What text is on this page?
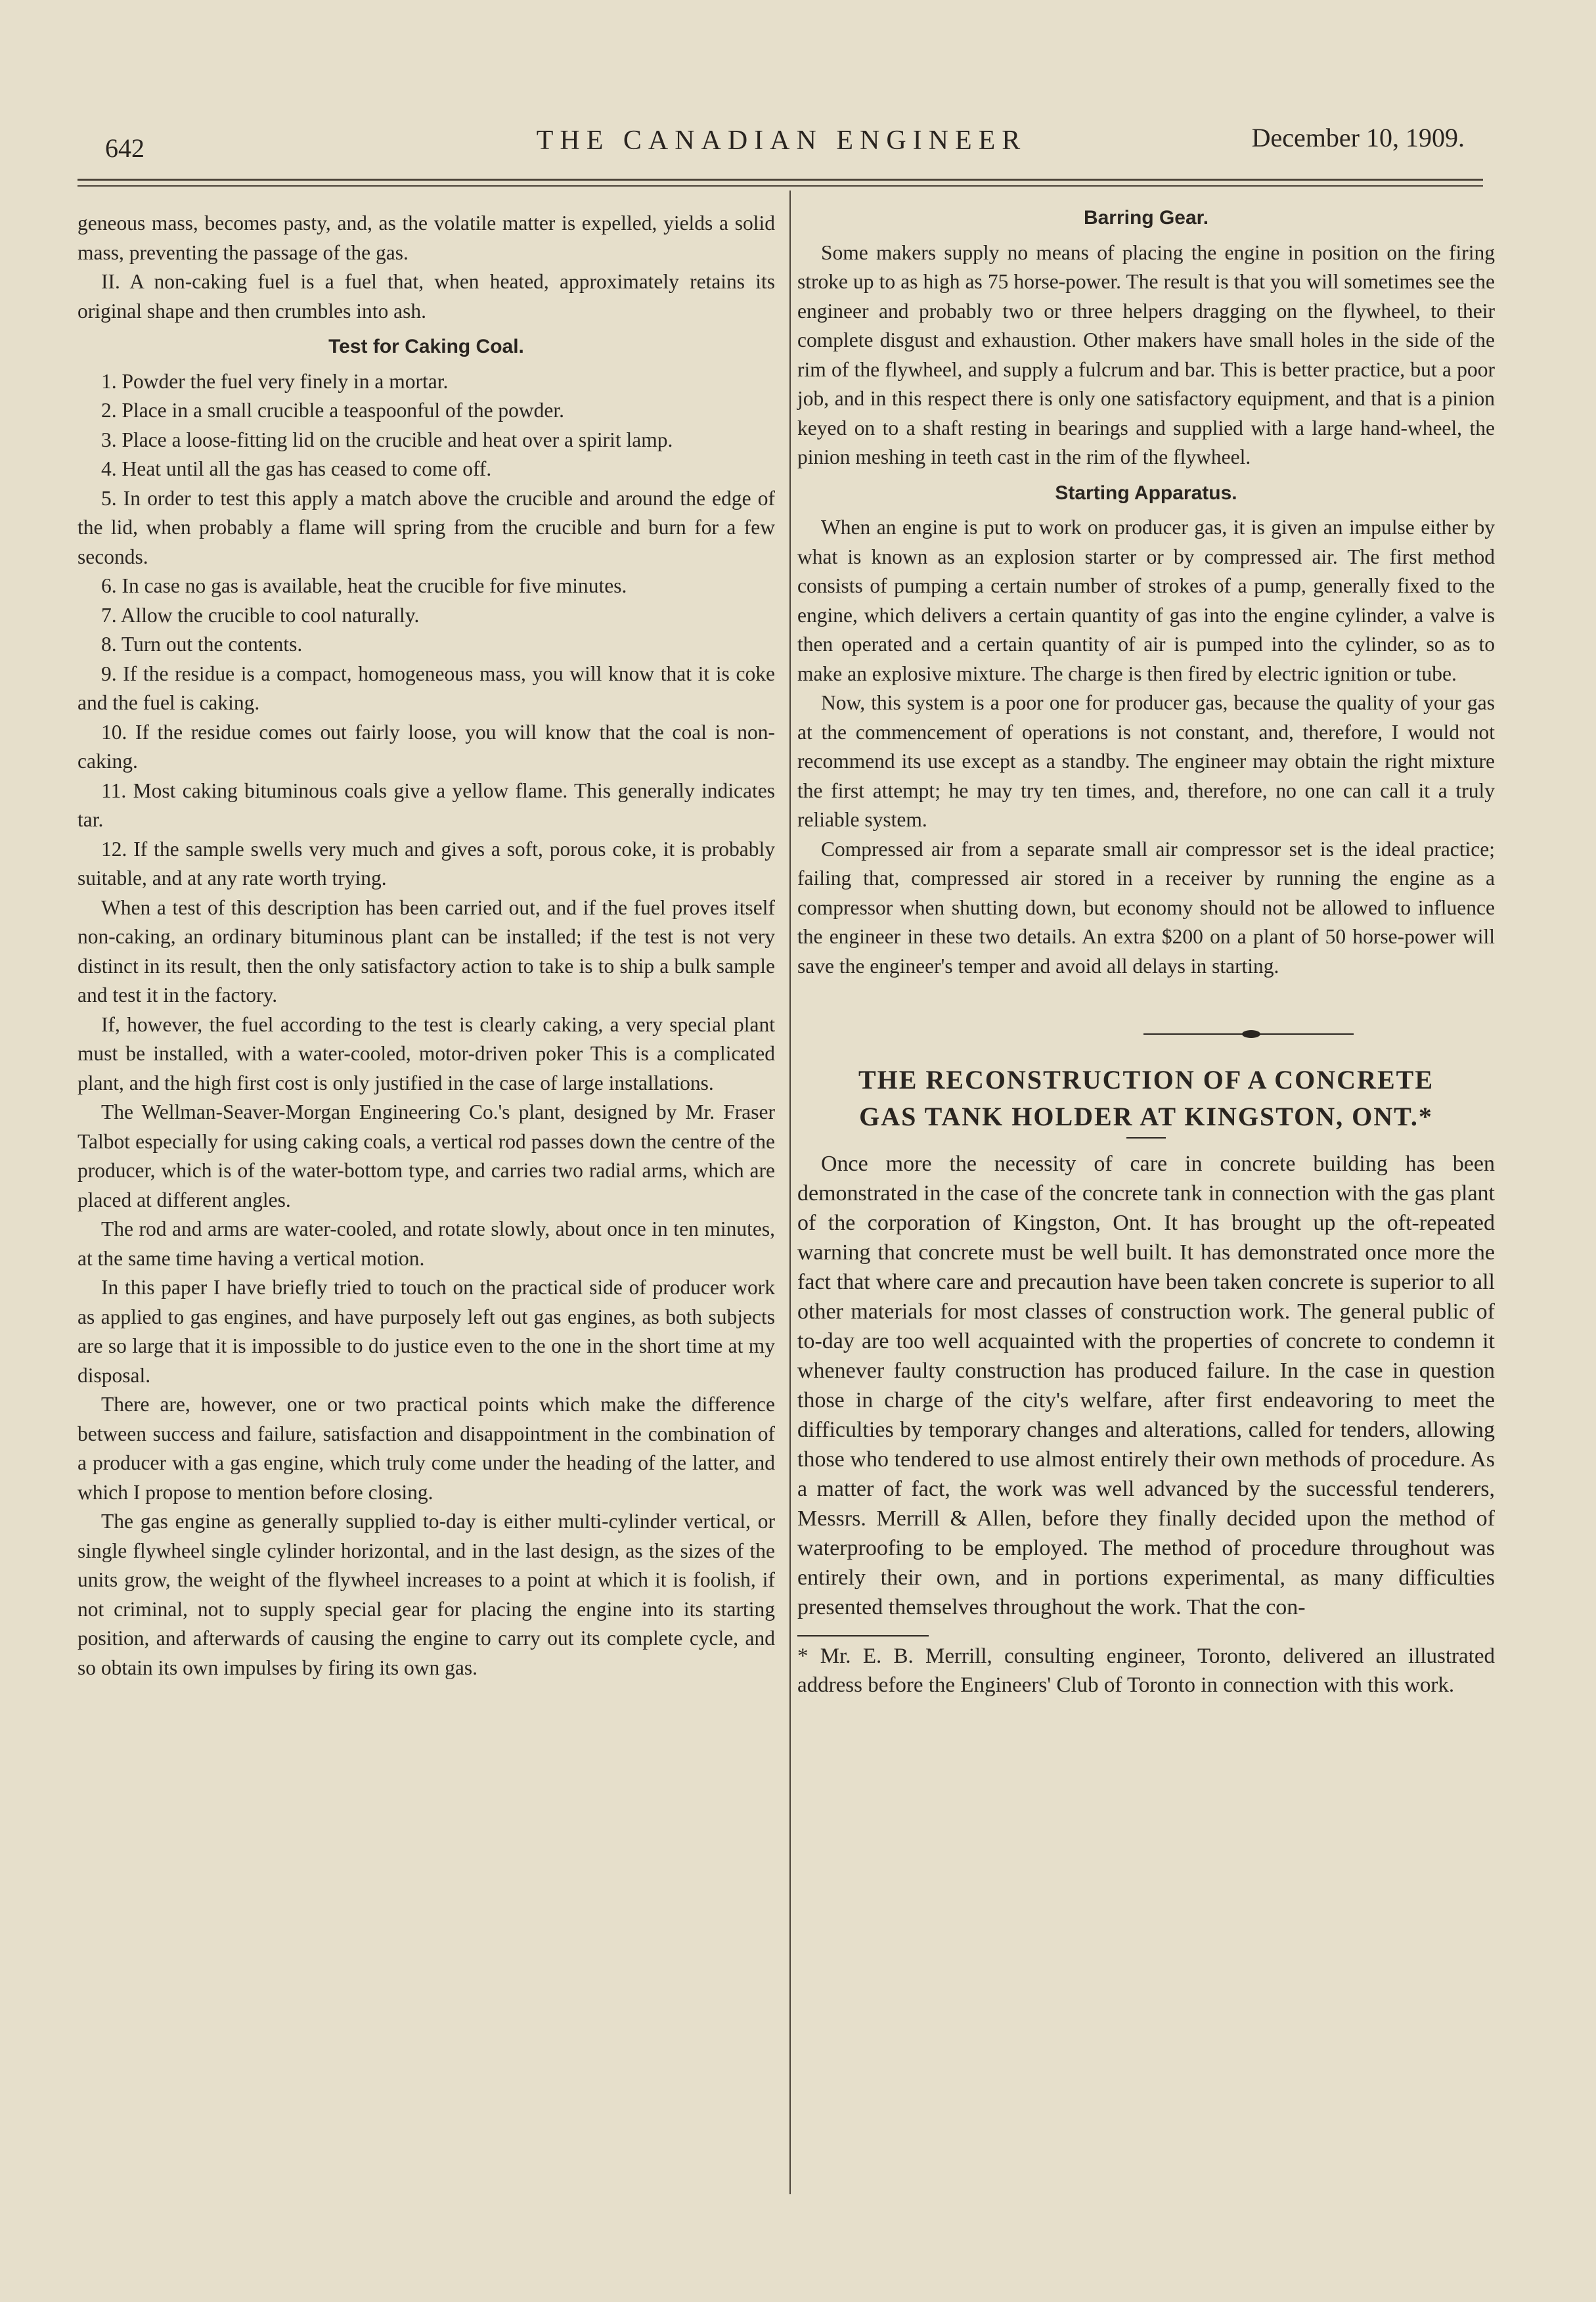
642	THE CANADIAN ENGINEER	December 10, 1909.

geneous mass, becomes pasty, and, as the volatile matter is expelled, yields a solid mass, preventing the passage of the gas.

II. A non-caking fuel is a fuel that, when heated, approximately retains its original shape and then crumbles into ash.

Test for Caking Coal.

1. Powder the fuel very finely in a mortar.

2. Place in a small crucible a teaspoonful of the powder.

3. Place a loose-fitting lid on the crucible and heat over a spirit lamp.

4. Heat until all the gas has ceased to come off.

5. In order to test this apply a match above the crucible and around the edge of the lid, when probably a flame will spring from the crucible and burn for a few seconds.

6. In case no gas is available, heat the crucible for five minutes.

7. Allow the crucible to cool naturally.

8. Turn out the contents.

9. If the residue is a compact, homogeneous mass, you will know that it is coke and the fuel is caking.

10. If the residue comes out fairly loose, you will know that the coal is non-caking.

11. Most caking bituminous coals give a yellow flame. This generally indicates tar.

12. If the sample swells very much and gives a soft, porous coke, it is probably suitable, and at any rate worth trying.

When a test of this description has been carried out, and if the fuel proves itself non-caking, an ordinary bituminous plant can be installed; if the test is not very distinct in its result, then the only satisfactory action to take is to ship a bulk sample and test it in the factory.

If, however, the fuel according to the test is clearly caking, a very special plant must be installed, with a water-cooled, motor-driven poker This is a complicated plant, and the high first cost is only justified in the case of large installations.

The Wellman-Seaver-Morgan Engineering Co.'s plant, designed by Mr. Fraser Talbot especially for using caking coals, a vertical rod passes down the centre of the producer, which is of the water-bottom type, and carries two radial arms, which are placed at different angles.

The rod and arms are water-cooled, and rotate slowly, about once in ten minutes, at the same time having a vertical motion.

In this paper I have briefly tried to touch on the practical side of producer work as applied to gas engines, and have purposely left out gas engines, as both subjects are so large that it is impossible to do justice even to the one in the short time at my disposal.

There are, however, one or two practical points which make the difference between success and failure, satisfaction and disappointment in the combination of a producer with a gas engine, which truly come under the heading of the latter, and which I propose to mention before closing.

The gas engine as generally supplied to-day is either multi-cylinder vertical, or single flywheel single cylinder horizontal, and in the last design, as the sizes of the units grow, the weight of the flywheel increases to a point at which it is foolish, if not criminal, not to supply special gear for placing the engine into its starting position, and afterwards of causing the engine to carry out its complete cycle, and so obtain its own impulses by firing its own gas.

Barring Gear.

Some makers supply no means of placing the engine in position on the firing stroke up to as high as 75 horse-power. The result is that you will sometimes see the engineer and probably two or three helpers dragging on the flywheel, to their complete disgust and exhaustion. Other makers have small holes in the side of the rim of the flywheel, and supply a fulcrum and bar. This is better practice, but a poor job, and in this respect there is only one satisfactory equipment, and that is a pinion keyed on to a shaft resting in bearings and supplied with a large hand-wheel, the pinion meshing in teeth cast in the rim of the flywheel.

Starting Apparatus.

When an engine is put to work on producer gas, it is given an impulse either by what is known as an explosion starter or by compressed air. The first method consists of pumping a certain number of strokes of a pump, generally fixed to the engine, which delivers a certain quantity of gas into the engine cylinder, a valve is then operated and a certain quantity of air is pumped into the cylinder, so as to make an explosive mixture. The charge is then fired by electric ignition or tube.

Now, this system is a poor one for producer gas, because the quality of your gas at the commencement of operations is not constant, and, therefore, I would not recommend its use except as a standby. The engineer may obtain the right mixture the first attempt; he may try ten times, and, therefore, no one can call it a truly reliable system.

Compressed air from a separate small air compressor set is the ideal practice; failing that, compressed air stored in a receiver by running the engine as a compressor when shutting down, but economy should not be allowed to influence the engineer in these two details. An extra $200 on a plant of 50 horse-power will save the engineer's temper and avoid all delays in starting.

THE RECONSTRUCTION OF A CONCRETE
GAS TANK HOLDER AT KINGSTON, ONT.*

Once more the necessity of care in concrete building has been demonstrated in the case of the concrete tank in connection with the gas plant of the corporation of Kingston, Ont. It has brought up the oft-repeated warning that concrete must be well built. It has demonstrated once more the fact that where care and precaution have been taken concrete is superior to all other materials for most classes of construction work. The general public of to-day are too well acquainted with the properties of concrete to condemn it whenever faulty construction has produced failure. In the case in question those in charge of the city's welfare, after first endeavoring to meet the difficulties by temporary changes and alterations, called for tenders, allowing those who tendered to use almost entirely their own methods of procedure. As a matter of fact, the work was well advanced by the successful tenderers, Messrs. Merrill & Allen, before they finally decided upon the method of waterproofing to be employed. The method of procedure throughout was entirely their own, and in portions experimental, as many difficulties presented themselves throughout the work. That the con-

* Mr. E. B. Merrill, consulting engineer, Toronto, delivered an illustrated address before the Engineers' Club of Toronto in connection with this work.
